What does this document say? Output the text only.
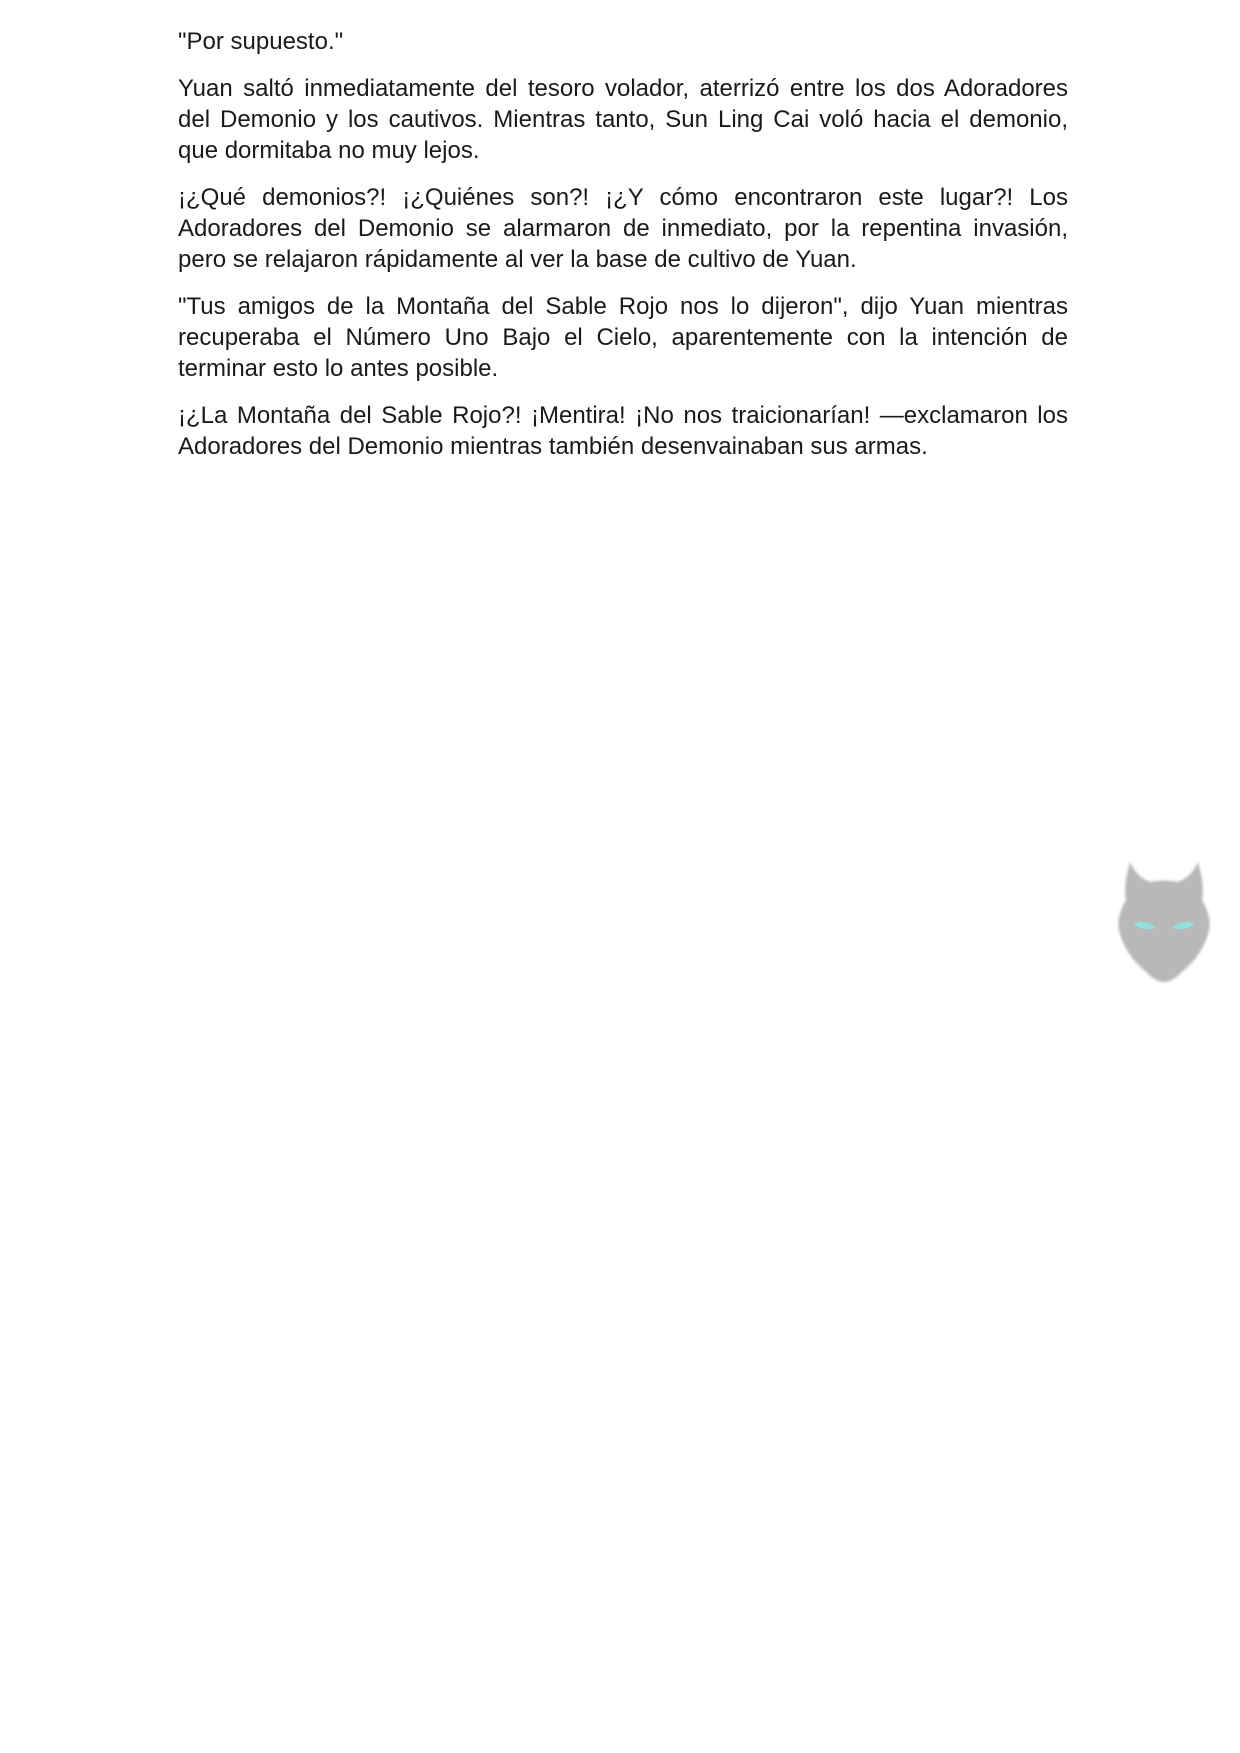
"Por supuesto."

Yuan saltó inmediatamente del tesoro volador, aterrizó entre los dos Adoradores del Demonio y los cautivos. Mientras tanto, Sun Ling Cai voló hacia el demonio, que dormitaba no muy lejos.

¡¿Qué demonios?! ¡¿Quiénes son?! ¡¿Y cómo encontraron este lugar?! Los Adoradores del Demonio se alarmaron de inmediato, por la repentina invasión, pero se relajaron rápidamente al ver la base de cultivo de Yuan.

"Tus amigos de la Montaña del Sable Rojo nos lo dijeron", dijo Yuan mientras recuperaba el Número Uno Bajo el Cielo, aparentemente con la intención de terminar esto lo antes posible.

¡¿La Montaña del Sable Rojo?! ¡Mentira! ¡No nos traicionarían! —exclamaron los Adoradores del Demonio mientras también desenvainaban sus armas.
